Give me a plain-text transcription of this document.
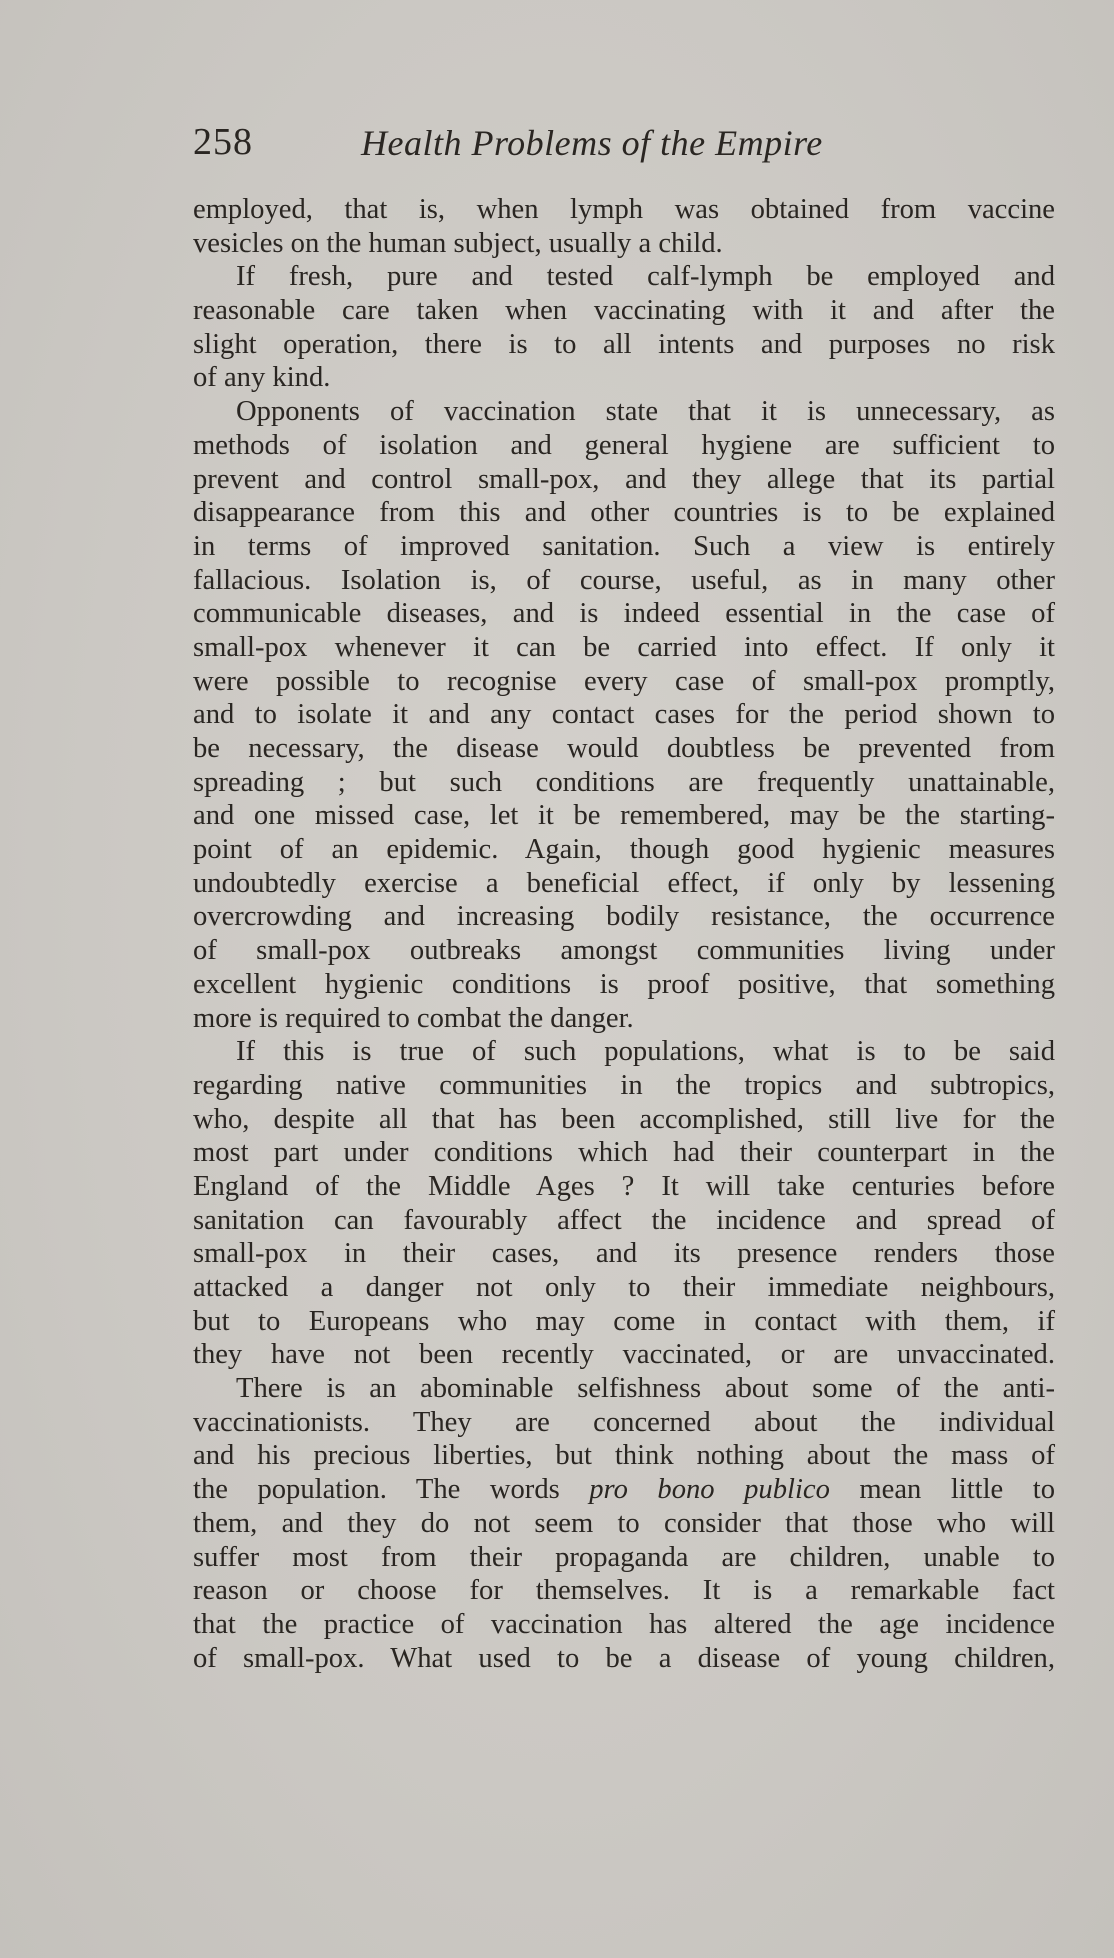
258	Health Problems of the Empire
employed, that is, when lymph was obtained from vaccine
vesicles on the human subject, usually a child.
If fresh, pure and tested calf-lymph be employed and
reasonable care taken when vaccinating with it and after the
slight operation, there is to all intents and purposes no risk
of any kind.
Opponents of vaccination state that it is unnecessary, as
methods of isolation and general hygiene are sufficient to
prevent and control small-pox, and they allege that its partial
disappearance from this and other countries is to be explained
in terms of improved sanitation. Such a view is entirely
fallacious. Isolation is, of course, useful, as in many other
communicable diseases, and is indeed essential in the case of
small-pox whenever it can be carried into effect. If only it
were possible to recognise every case of small-pox promptly,
and to isolate it and any contact cases for the period shown to
be necessary, the disease would doubtless be prevented from
spreading ; but such conditions are frequently unattainable,
and one missed case, let it be remembered, may be the starting-
point of an epidemic. Again, though good hygienic measures
undoubtedly exercise a beneficial effect, if only by lessening
overcrowding and increasing bodily resistance, the occurrence
of small-pox outbreaks amongst communities living under
excellent hygienic conditions is proof positive, that something
more is required to combat the danger.
If this is true of such populations, what is to be said
regarding native communities in the tropics and subtropics,
who, despite all that has been accomplished, still live for the
most part under conditions which had their counterpart in the
England of the Middle Ages ? It will take centuries before
sanitation can favourably affect the incidence and spread of
small-pox in their cases, and its presence renders those
attacked a danger not only to their immediate neighbours,
but to Europeans who may come in contact with them, if
they have not been recently vaccinated, or are unvaccinated.
There is an abominable selfishness about some of the anti-
vaccinationists. They are concerned about the individual
and his precious liberties, but think nothing about the mass of
the population. The words pro bono publico mean little to
them, and they do not seem to consider that those who will
suffer most from their propaganda are children, unable to
reason or choose for themselves. It is a remarkable fact
that the practice of vaccination has altered the age incidence
of small-pox. What used to be a disease of young children,
